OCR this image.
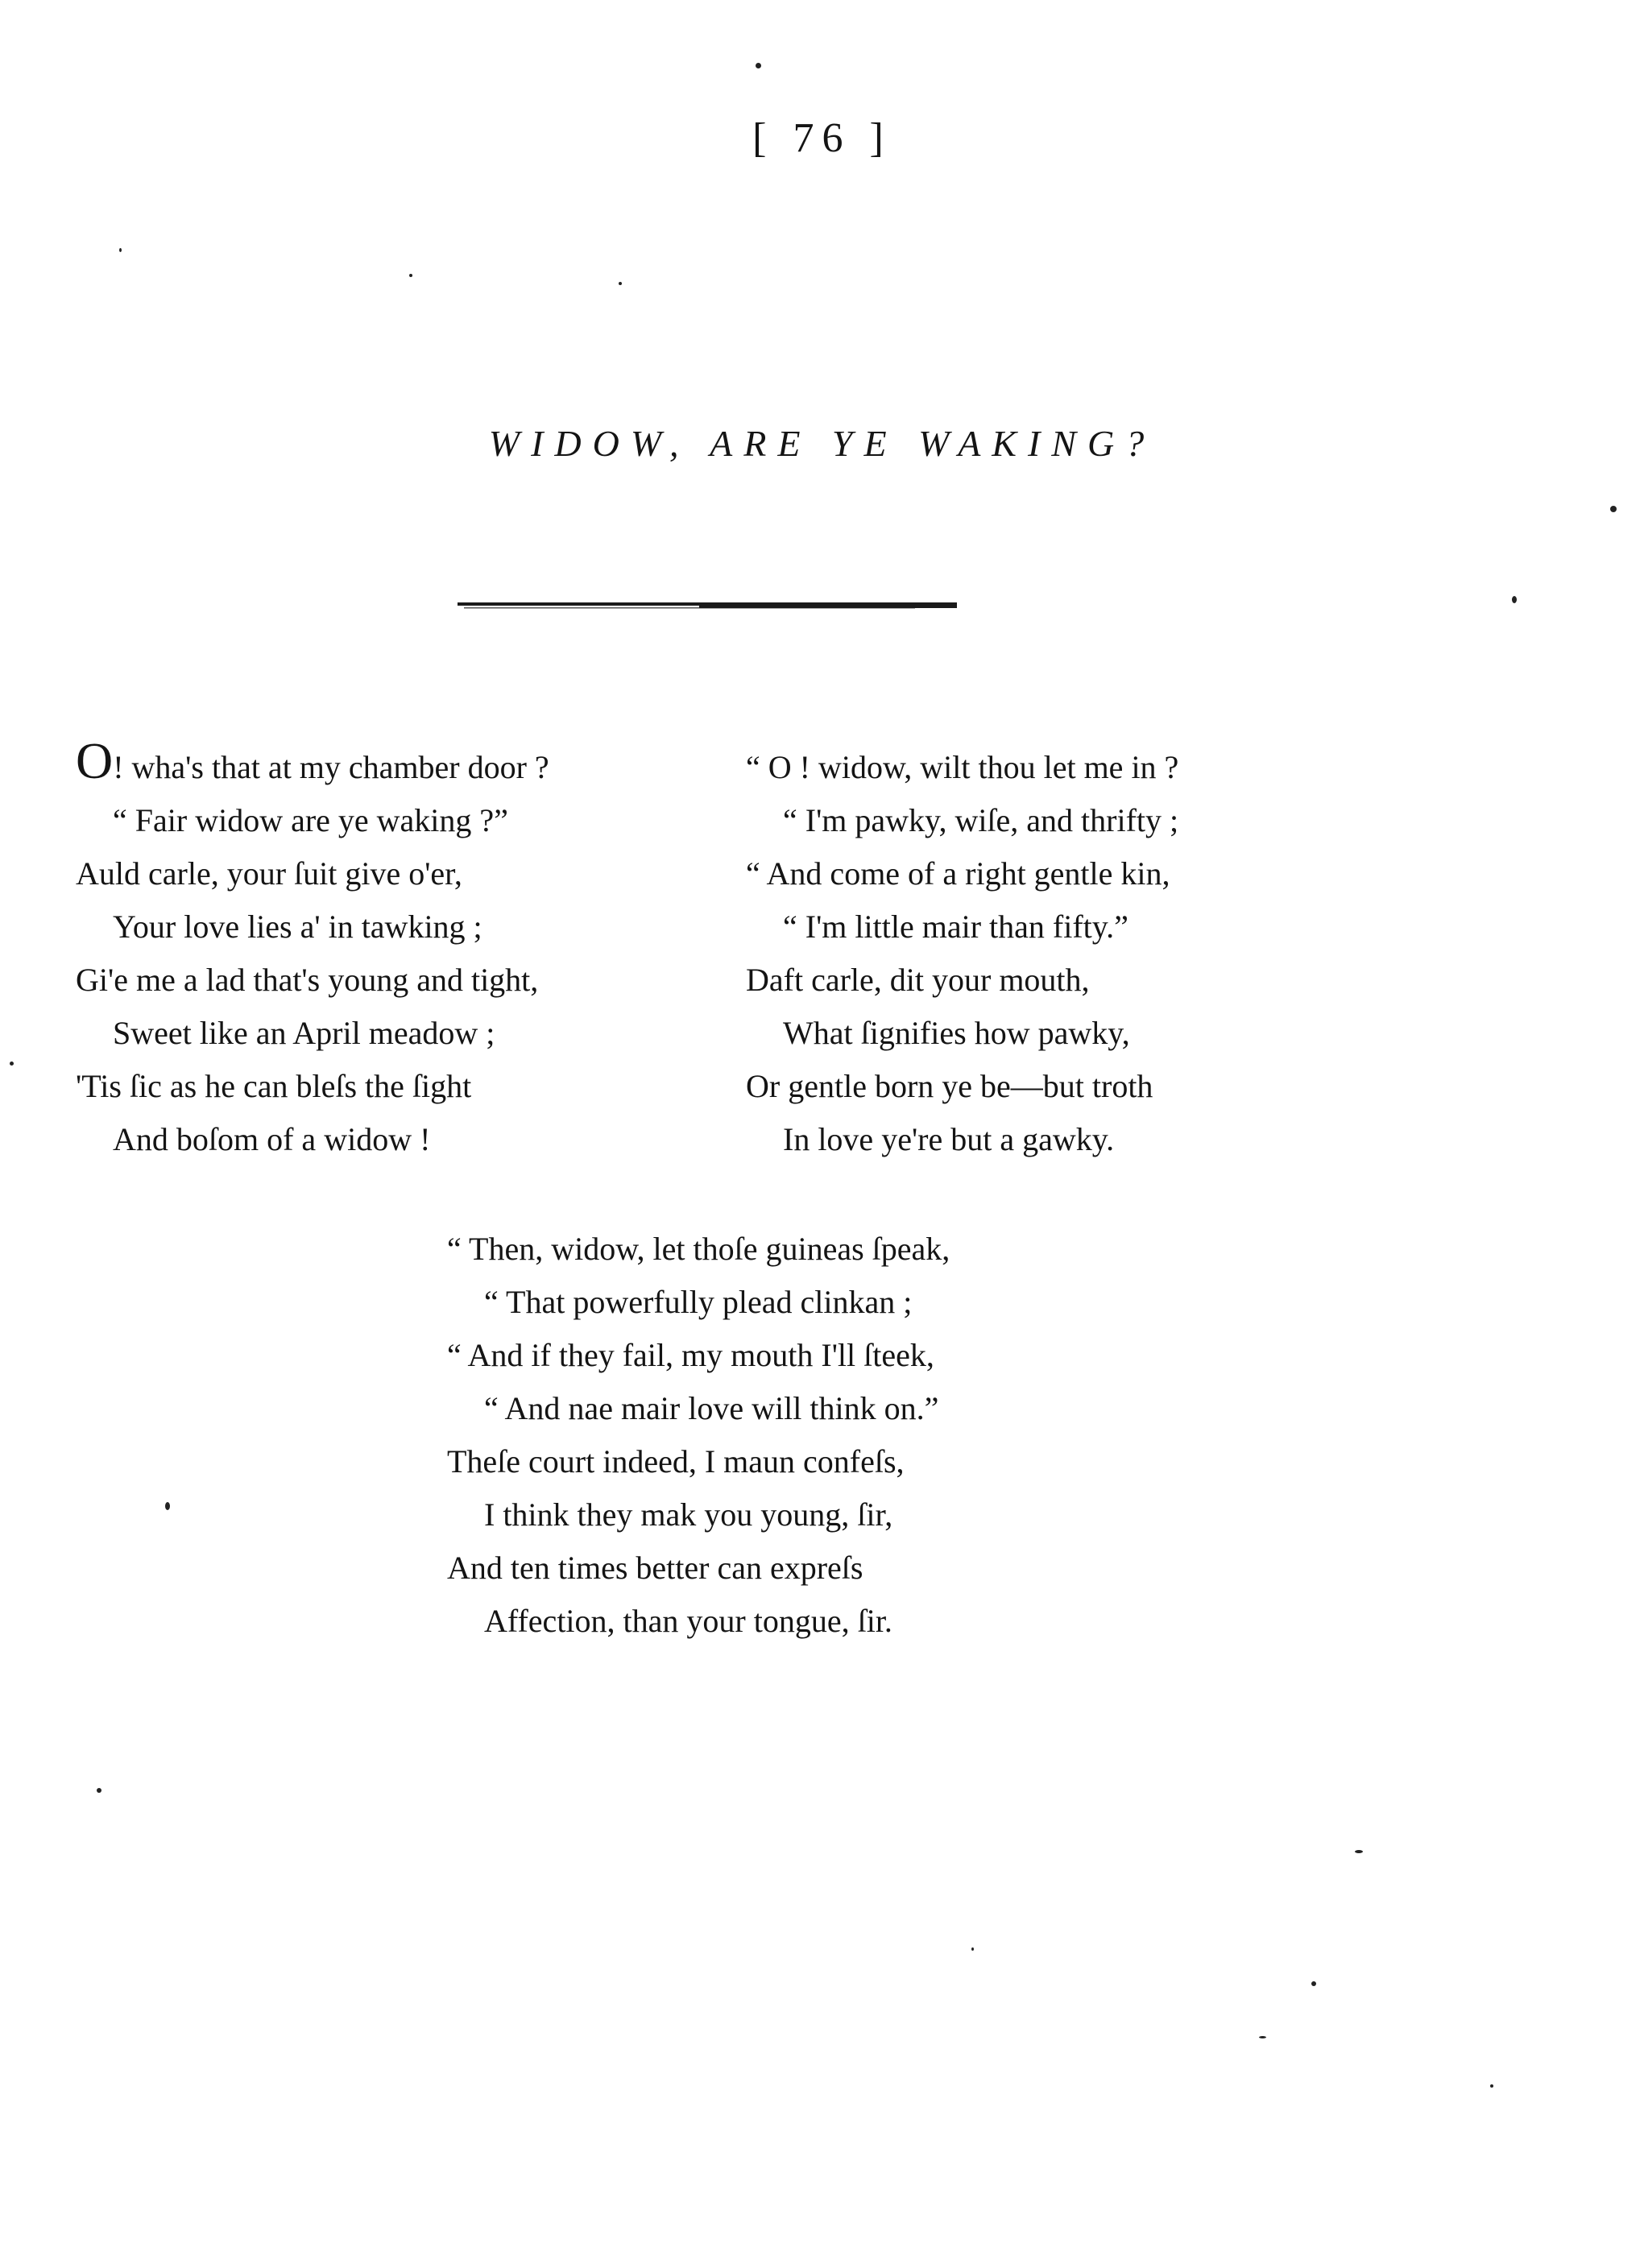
[ 76 ]
WIDOW, ARE YE WAKING?
O! wha's that at my chamber door ?
“ Fair widow are ye waking ?”
Auld carle, your ſuit give o'er,
Your love lies a' in tawking ;
Gi'e me a lad that's young and tight,
Sweet like an April meadow ;
'Tis ſic as he can bleſs the ſight
And boſom of a widow !
“ O ! widow, wilt thou let me in ?
“ I'm pawky, wiſe, and thrifty ;
“ And come of a right gentle kin,
“ I'm little mair than fifty.”
Daft carle, dit your mouth,
What ſignifies how pawky,
Or gentle born ye be—but troth
In love ye're but a gawky.
“ Then, widow, let thoſe guineas ſpeak,
“ That powerfully plead clinkan ;
“ And if they fail, my mouth I'll ſteek,
“ And nae mair love will think on.”
Theſe court indeed, I maun confeſs,
I think they mak you young, ſir,
And ten times better can expreſs
Affection, than your tongue, ſir.
